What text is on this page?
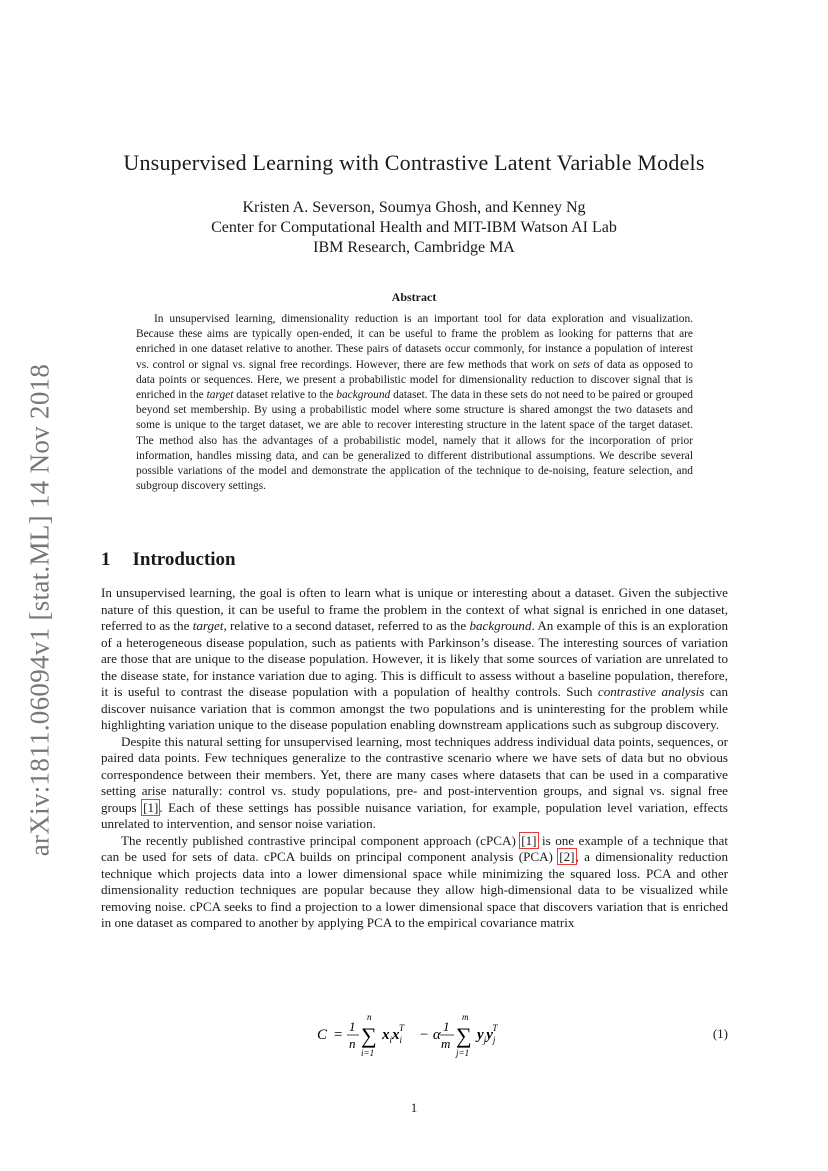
arXiv:1811.06094v1 [stat.ML] 14 Nov 2018
Unsupervised Learning with Contrastive Latent Variable Models
Kristen A. Severson, Soumya Ghosh, and Kenney Ng
Center for Computational Health and MIT-IBM Watson AI Lab
IBM Research, Cambridge MA
Abstract

In unsupervised learning, dimensionality reduction is an important tool for data exploration and visualization. Because these aims are typically open-ended, it can be useful to frame the problem as looking for patterns that are enriched in one dataset relative to another. These pairs of datasets occur commonly, for instance a population of interest vs. control or signal vs. signal free recordings. However, there are few methods that work on sets of data as opposed to data points or sequences. Here, we present a probabilistic model for dimensionality reduction to discover signal that is enriched in the target dataset relative to the background dataset. The data in these sets do not need to be paired or grouped beyond set membership. By using a probabilistic model where some structure is shared amongst the two datasets and some is unique to the target dataset, we are able to recover interesting structure in the latent space of the target dataset. The method also has the advantages of a probabilistic model, namely that it allows for the incorporation of prior information, handles missing data, and can be generalized to different distributional assumptions. We describe several possible variations of the model and demonstrate the application of the technique to de-noising, feature selection, and subgroup discovery settings.

1 Introduction

In unsupervised learning, the goal is often to learn what is unique or interesting about a dataset. Given the subjective nature of this question, it can be useful to frame the problem in the context of what signal is enriched in one dataset, referred to as the target, relative to a second dataset, referred to as the background. An example of this is an exploration of a heterogeneous disease population, such as patients with Parkinson’s disease. The interesting sources of variation are those that are unique to the disease population. However, it is likely that some sources of variation are unrelated to the disease state, for instance variation due to aging. This is difficult to assess without a baseline population, therefore, it is useful to contrast the disease population with a population of healthy controls. Such contrastive analysis can discover nuisance variation that is common amongst the two populations and is uninteresting for the problem while highlighting variation unique to the disease population enabling downstream applications such as subgroup discovery.

Despite this natural setting for unsupervised learning, most techniques address individual data points, sequences, or paired data points. Few techniques generalize to the contrastive scenario where we have sets of data but no obvious correspondence between their members. Yet, there are many cases where datasets that can be used in a comparative setting arise naturally: control vs. study populations, pre- and post-intervention groups, and signal vs. signal free groups [1]. Each of these settings has possible nuisance variation, for example, population level variation, effects unrelated to intervention, and sensor noise variation.

The recently published contrastive principal component approach (cPCA) [1] is one example of a technique that can be used for sets of data. cPCA builds on principal component analysis (PCA) [2], a dimensionality reduction technique which projects data into a lower dimensional space while minimizing the squared loss. PCA and other dimensionality reduction techniques are popular because they allow high-dimensional data to be visualized while removing noise. cPCA seeks to find a projection to a lower dimensional space that discovers variation that is enriched in one dataset as compared to another by applying PCA to the empirical covariance matrix

C =
1
n
n
∑
i=1
$x_ix_iT - \alpha$
1
m
m
∑
j=1
$y_jy_jT$	(1)
1
